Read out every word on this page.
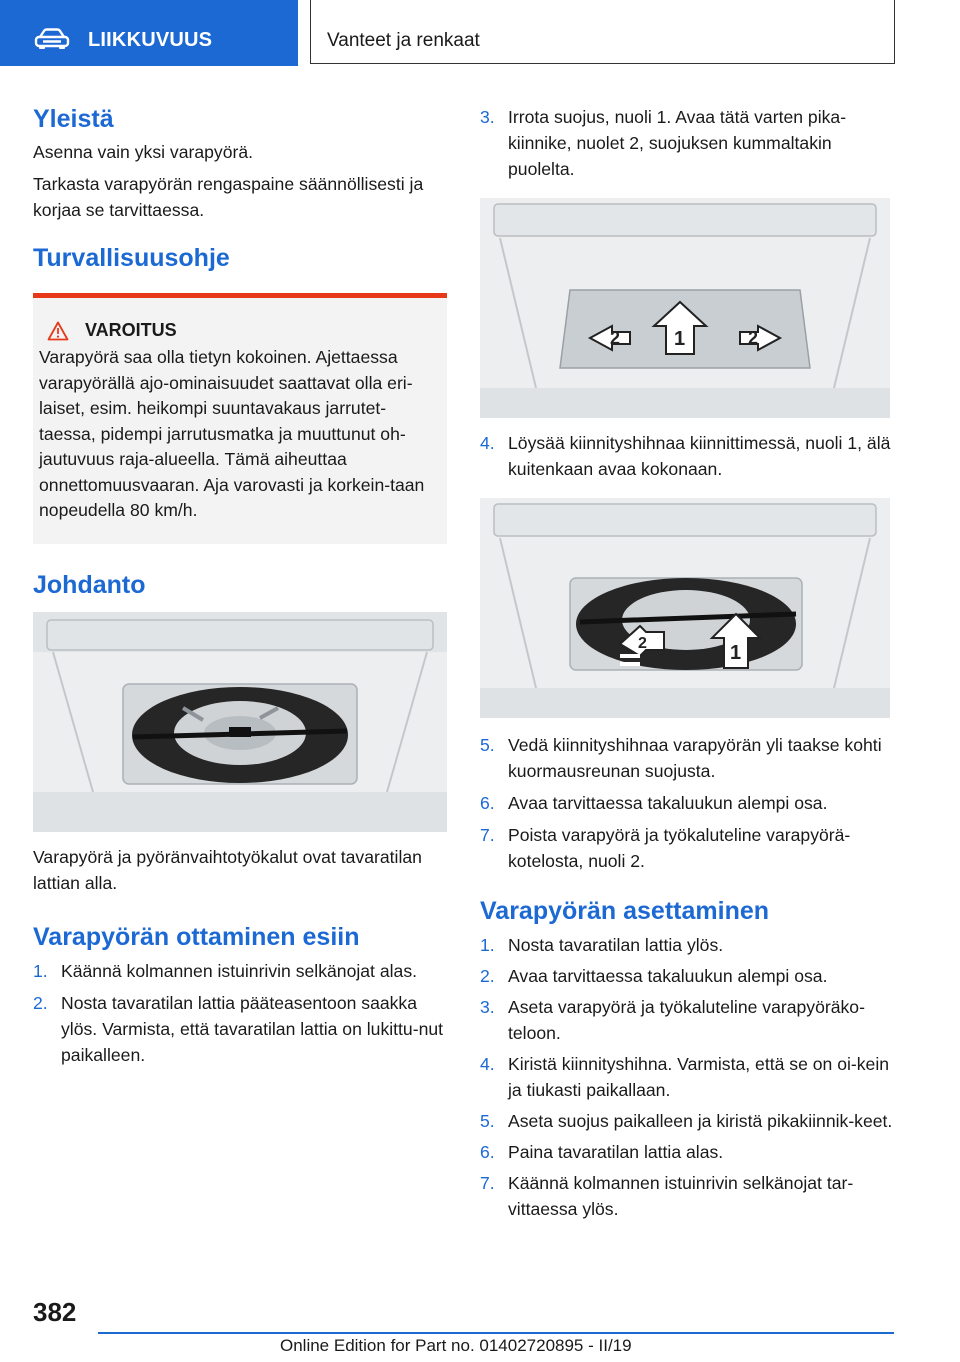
LIIKKUVUUS	Vanteet ja renkaat
Yleistä

Asenna vain yksi varapyörä.

Tarkasta varapyörän rengaspaine säännöllisesti ja korjaa se tarvittaessa.

Turvallisuusohje
VAROITUS

Varapyörä saa olla tietyn kokoinen. Ajettaessa varapyörällä ajo-ominaisuudet saattavat olla eri-laiset, esim. heikompi suuntavakaus jarrutet-taessa, pidempi jarrutusmatka ja muuttunut oh-jautuvuus raja-alueella. Tämä aiheuttaa onnettomuusvaaran. Aja varovasti ja korkein-taan nopeudella 80 km/h.

Johdanto

Varapyörä ja pyöränvaihtotyökalut ovat tavaratilan lattian alla.

Varapyörän ottaminen esiin
1. Käännä kolmannen istuinrivin selkänojat alas.
2. Nosta tavaratilan lattia pääteasentoon saakka ylös. Varmista, että tavaratilan lattia on lukittu-nut paikalleen.
3. Irrota suojus, nuoli 1. Avaa tätä varten pika-kiinnike, nuolet 2, suojuksen kummaltakin puolelta.
2	1	2
4. Löysää kiinnityshihnaa kiinnittimessä, nuoli 1, älä kuitenkaan avaa kokonaan.
2	1
5. Vedä kiinnityshihnaa varapyörän yli taakse kohti kuormausreunan suojusta.
6. Avaa tarvittaessa takaluukun alempi osa.
7. Poista varapyörä ja työkaluteline varapyörä-kotelosta, nuoli 2.
Varapyörän asettaminen
1. Nosta tavaratilan lattia ylös.
2. Avaa tarvittaessa takaluukun alempi osa.
3. Aseta varapyörä ja työkaluteline varapyöräko-teloon.
4. Kiristä kiinnityshihna. Varmista, että se on oi-kein ja tiukasti paikallaan.
5. Aseta suojus paikalleen ja kiristä pikakiinnik-keet.
6. Paina tavaratilan lattia alas.
7. Käännä kolmannen istuinrivin selkänojat tar-vittaessa ylös.
382
Online Edition for Part no. 01402720895 - II/19
